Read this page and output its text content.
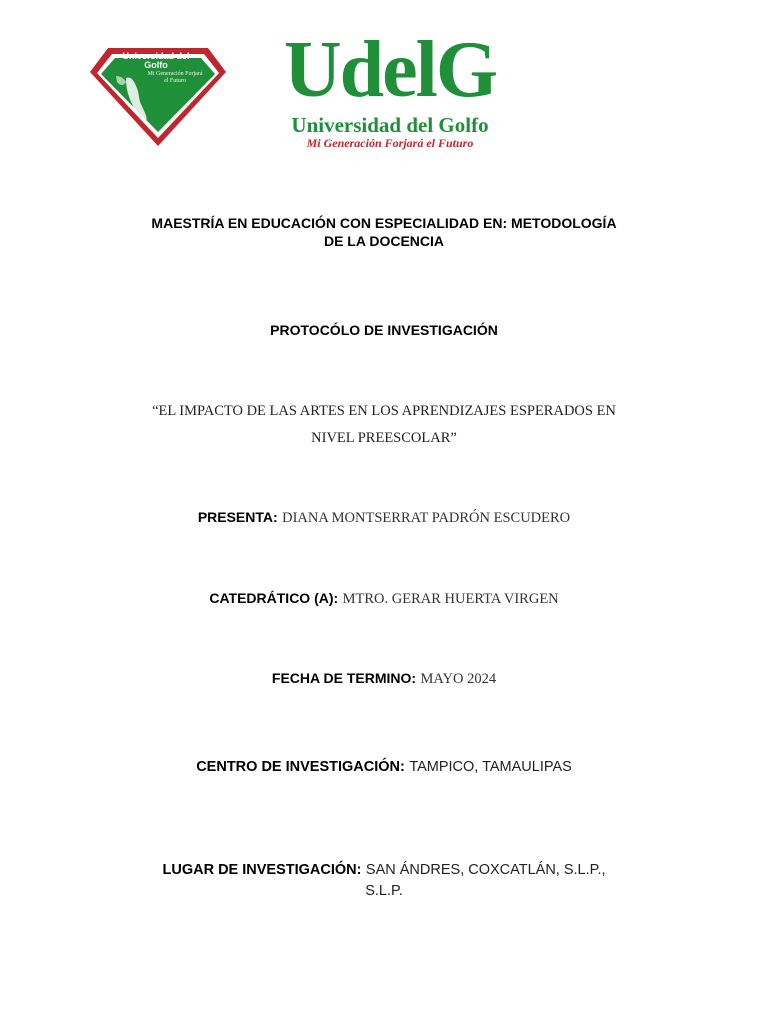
Universidad del Golfo
Mi Generación Forjará el Futuro	UdelG
Universidad del Golfo
Mi Generación Forjará el Futuro
MAESTRÍA EN EDUCACIÓN CON ESPECIALIDAD EN: METODOLOGÍA
DE LA DOCENCIA
PROTOCÓLO DE INVESTIGACIÓN
“EL IMPACTO DE LAS ARTES EN LOS APRENDIZAJES ESPERADOS EN
NIVEL PREESCOLAR”
PRESENTA: DIANA MONTSERRAT PADRÓN ESCUDERO
CATEDRÁTICO (A): MTRO. GERAR HUERTA VIRGEN
FECHA DE TERMINO: MAYO 2024
CENTRO DE INVESTIGACIÓN: TAMPICO, TAMAULIPAS
LUGAR DE INVESTIGACIÓN: SAN ÁNDRES, COXCATLÁN, S.L.P.,
S.L.P.
